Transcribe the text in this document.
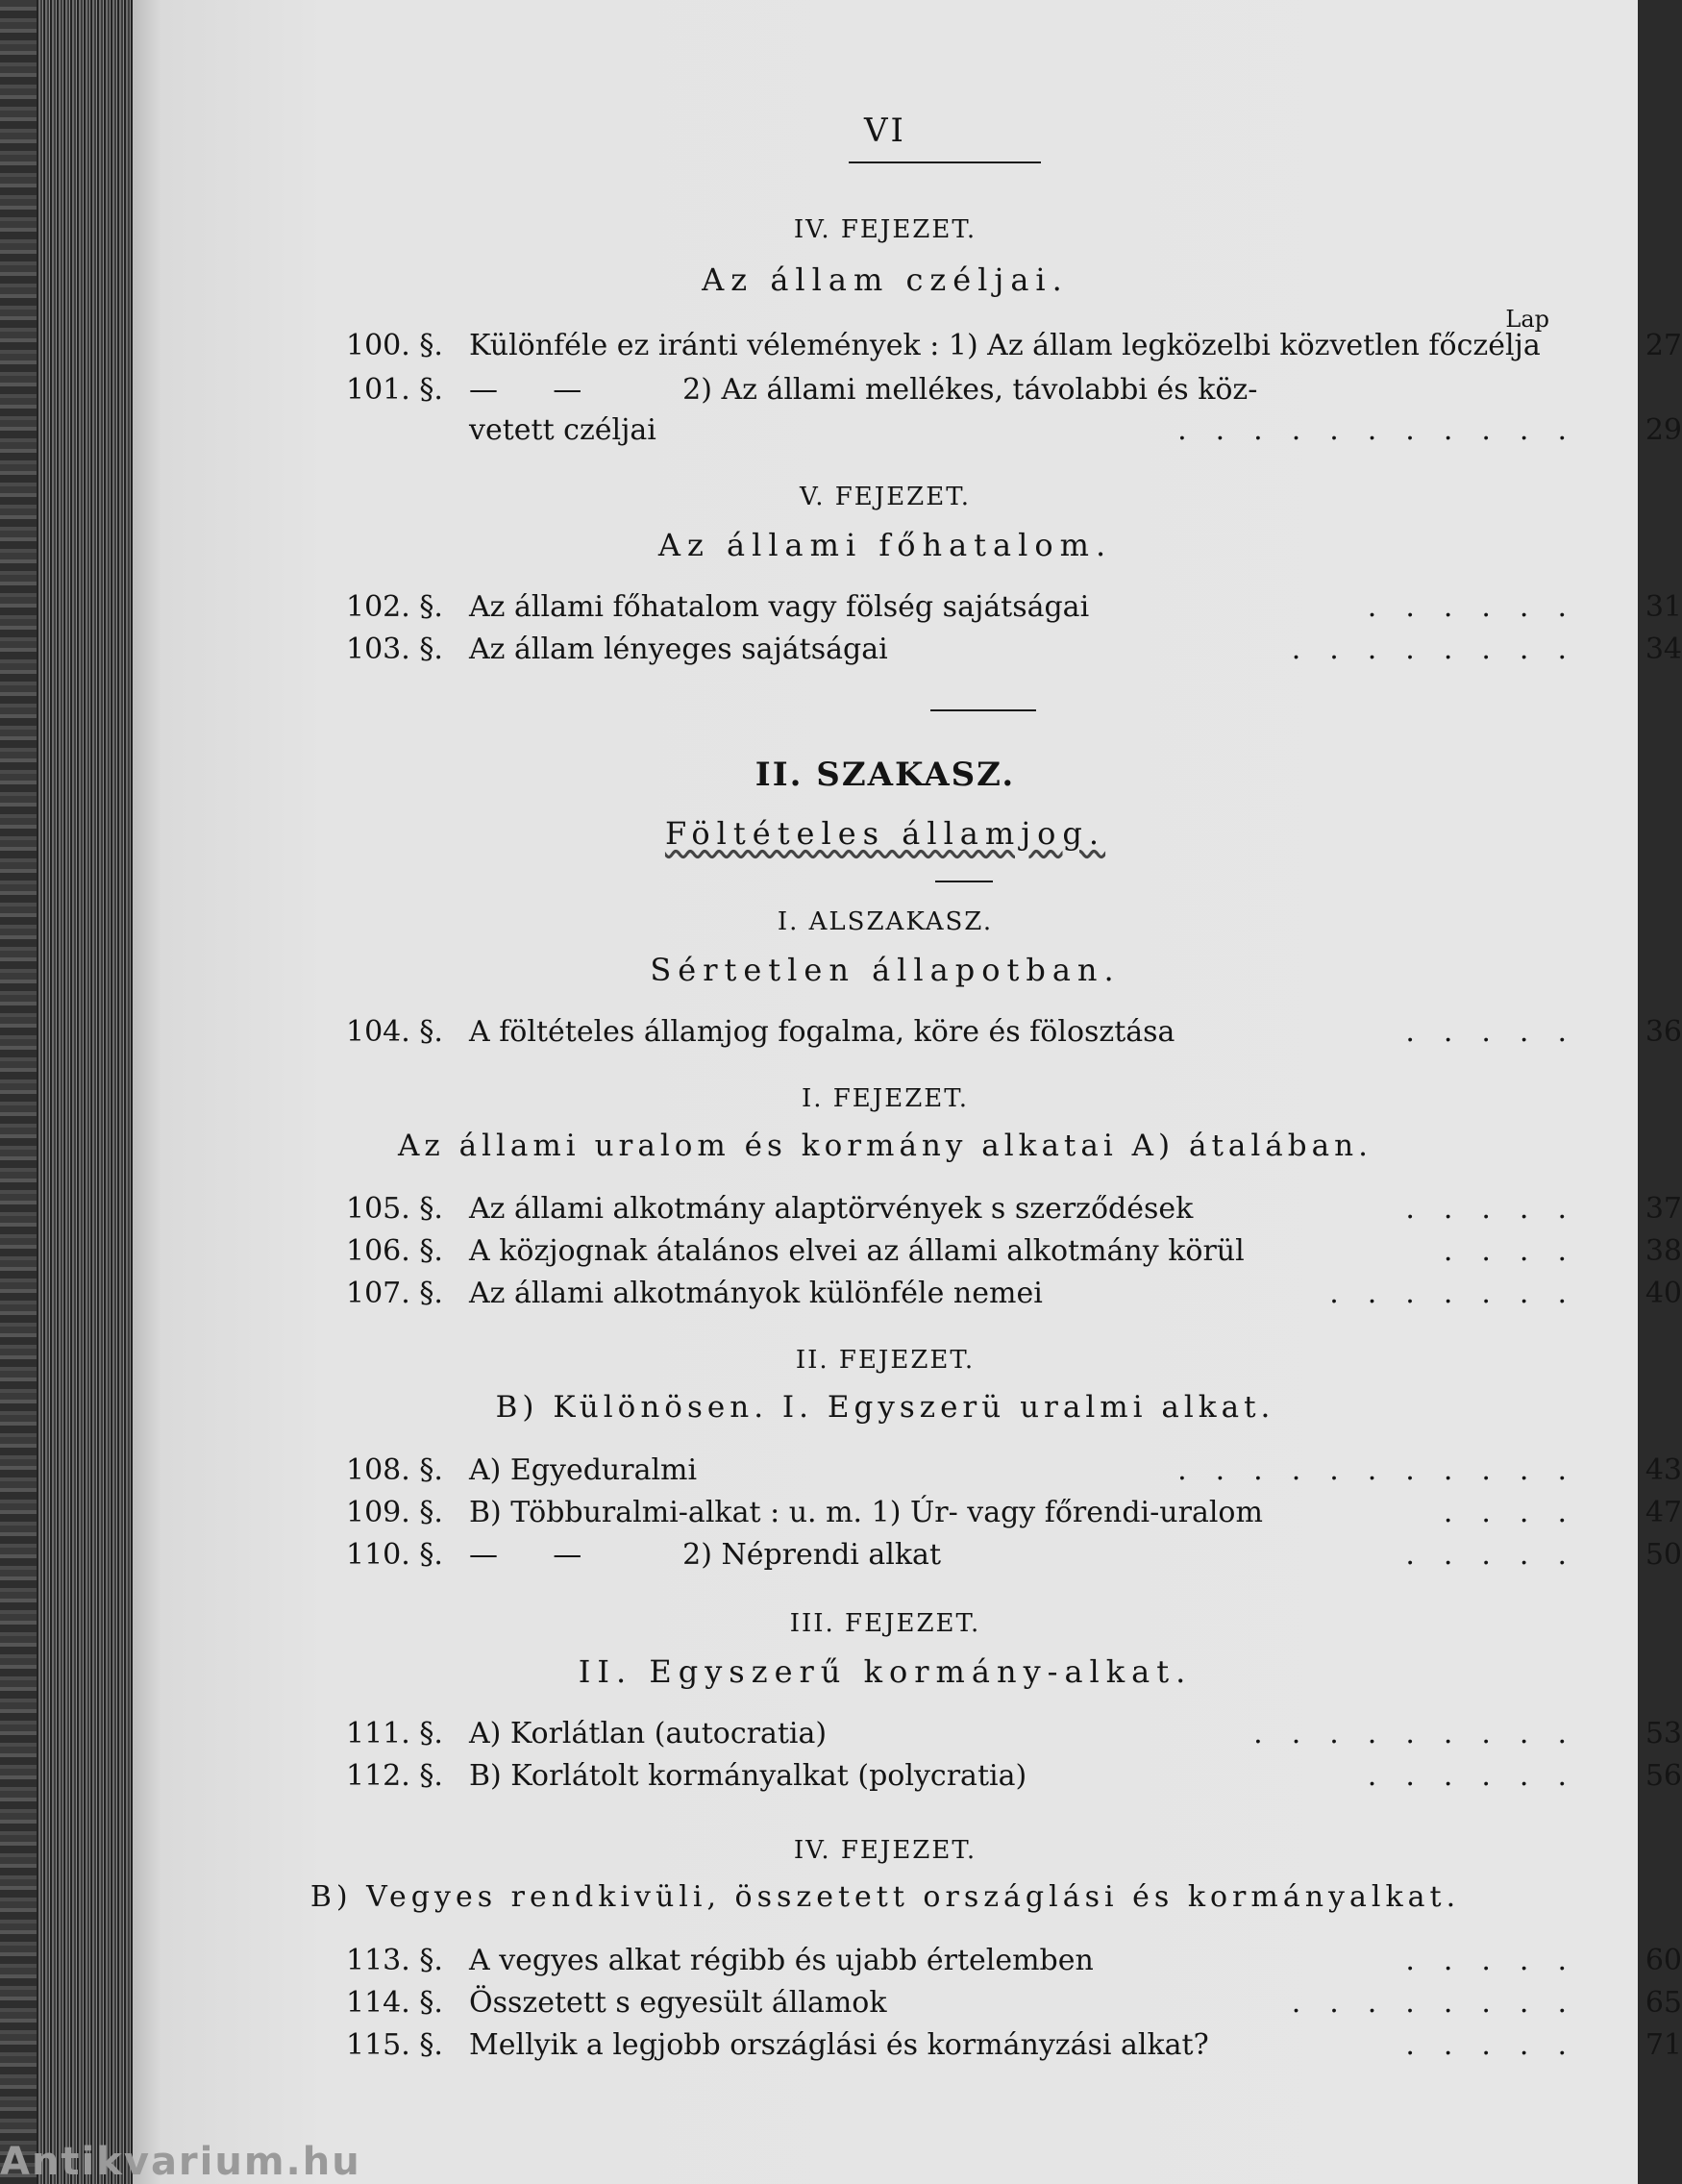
VI
IV. FEJEZET.
Az állam czéljai.
Lap
100. §. Különféle ez iránti vélemények : 1) Az állam legközelbi közvetlen főczélja	27
101. §. —      —           2) Az állami mellékes, távolabbi és köz-
vetett czéljai	...........	29
V. FEJEZET.
Az állami főhatalom.
102. §. Az állami főhatalom vagy fölség sajátságai	......	31
103. §. Az állam lényeges sajátságai	........	34
II. SZAKASZ.
Föltételes államjog.
I. ALSZAKASZ.
Sértetlen állapotban.
104. §. A föltételes államjog fogalma, köre és fölosztása	.....	36
I. FEJEZET.
Az állami uralom és kormány alkatai A) átalában.
105. §. Az állami alkotmány alaptörvények s szerződések	.....	37
106. §. A közjognak átalános elvei az állami alkotmány körül	....	38
107. §. Az állami alkotmányok különféle nemei	.......	40
II. FEJEZET.
B) Különösen. I. Egyszerü uralmi alkat.
108. §. A) Egyeduralmi	...........	43
109. §. B) Többuralmi-alkat : u. m. 1) Úr- vagy főrendi-uralom	....	47
110. §. —      —           2) Néprendi alkat	.....	50
III. FEJEZET.
II. Egyszerű kormány-alkat.
111. §. A) Korlátlan (autocratia)	.........	53
112. §. B) Korlátolt kormányalkat (polycratia)	......	56
IV. FEJEZET.
B) Vegyes rendkivüli, összetett országlási és kormányalkat.
113. §. A vegyes alkat régibb és ujabb értelemben	.....	60
114. §. Összetett s egyesült államok	........	65
115. §. Mellyik a legjobb országlási és kormányzási alkat?	.....	71
Antikvarium.hu
